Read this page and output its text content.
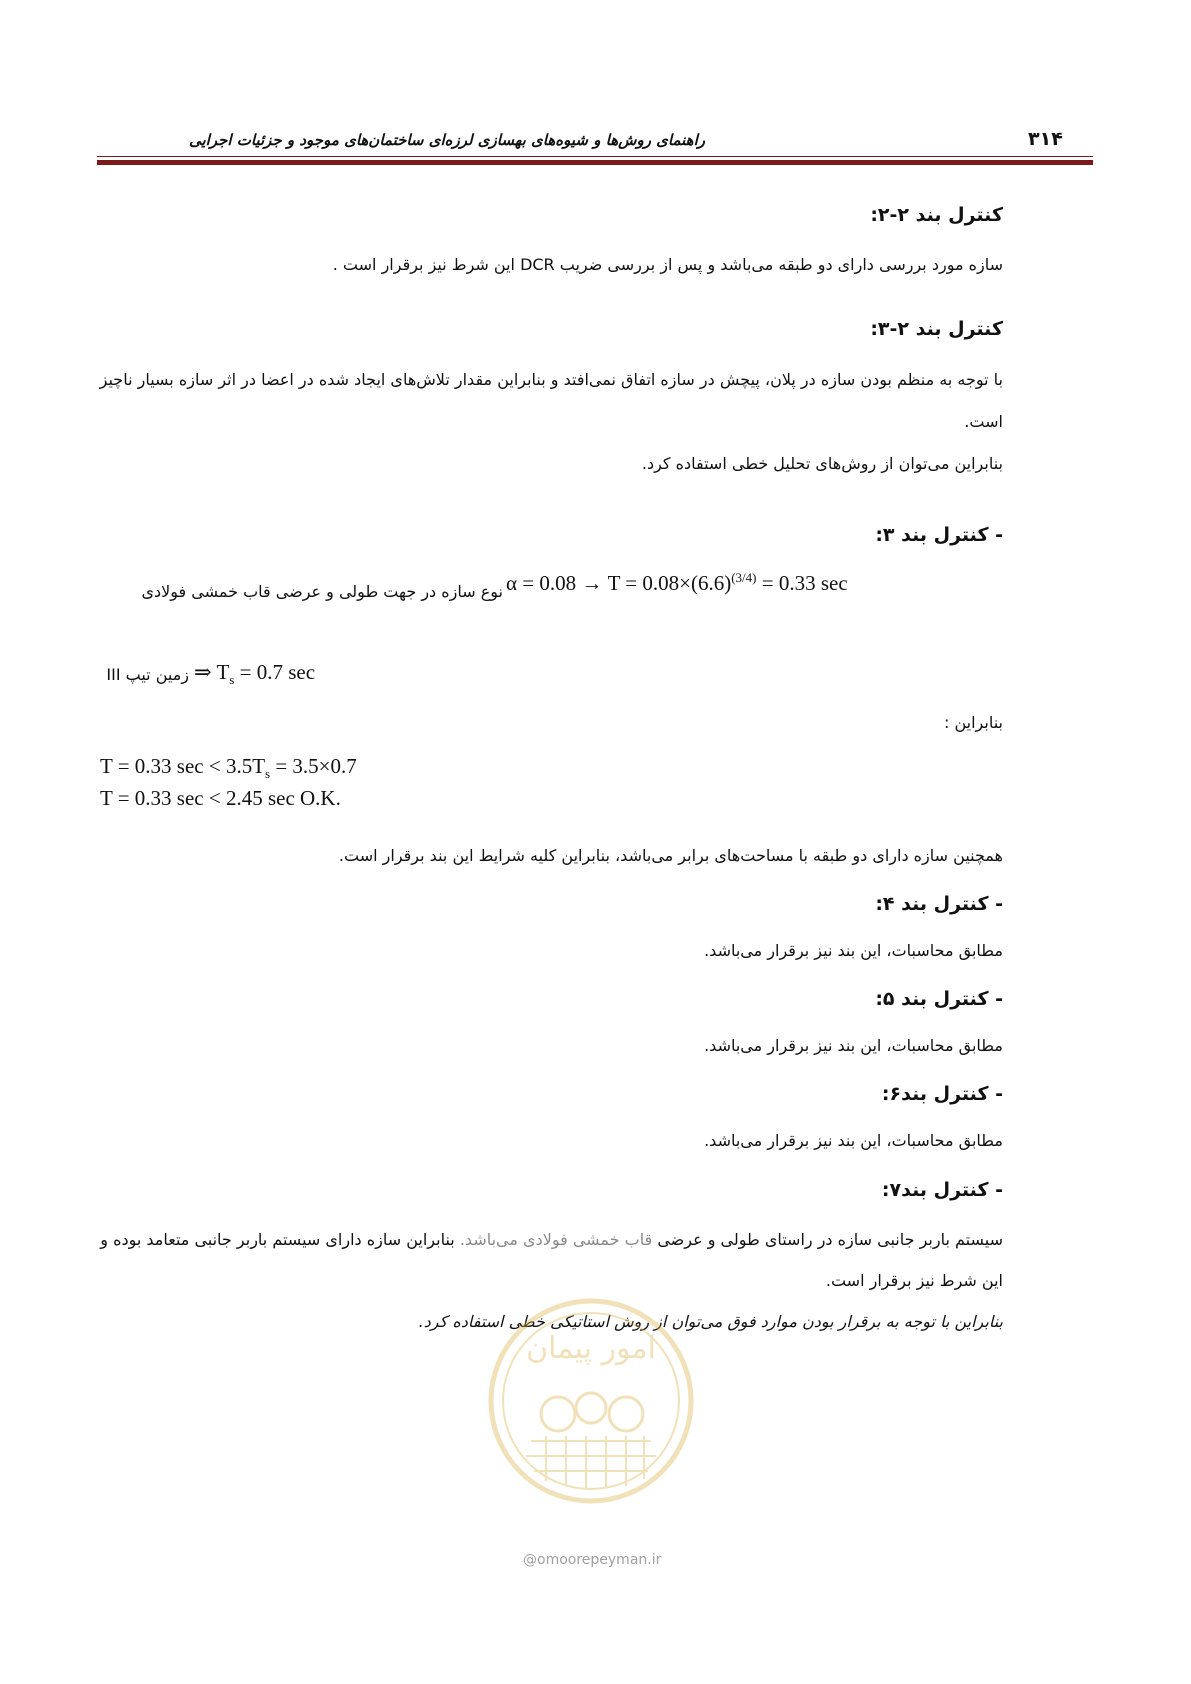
راهنمای روش‌ها و شیوه‌های بهسازی لرزه‌ای ساختمان‌های موجود و جزئیات اجرایی	۳۱۴
کنترل بند ۲-۲:
سازه مورد بررسی دارای دو طبقه می‌باشد و پس از بررسی ضریب DCR این شرط نیز برقرار است .
کنترل بند ۲-۳:
با توجه به منظم بودن سازه در پلان، پیچش در سازه اتفاق نمی‌افتد و بنابراین مقدار تلاش‌های ایجاد شده در اعضا در اثر سازه بسیار ناچیز
است.
بنابراین می‌توان از روش‌های تحلیل خطی استفاده کرد.
- کنترل بند ۳:
نوع سازه در جهت طولی و عرضی قاب خمشی فولادی $\alpha = 0.08 \to T = 0.08\times(6.6)^{(3/4)} = 0.33$ sec
زمین تیپ III ⇒ $T_s = 0.7$ sec
بنابراین :
T = 0.33 $\sec < 3.5T_s = 3.5\times 0.7$
T = 0.33 sec < 2.45 sec O.K.
همچنین سازه دارای دو طبقه با مساحت‌های برابر می‌باشد، بنابراین کلیه شرایط این بند برقرار است.
- کنترل بند ۴:
مطابق محاسبات، این بند نیز برقرار می‌باشد.
- کنترل بند ۵:
مطابق محاسبات، این بند نیز برقرار می‌باشد.
- کنترل بند۶:
مطابق محاسبات، این بند نیز برقرار می‌باشد.
- کنترل بند۷:
سیستم باربر جانبی سازه در راستای طولی و عرضی قاب خمشی فولادی می‌باشد. بنابراین سازه دارای سیستم باربر جانبی متعامد بوده و
این شرط نیز برقرار است.
بنابراین با توجه به برقرار بودن موارد فوق می‌توان از روش استاتیکی خطی استفاده کرد.
امور پیمان
@omoorepeyman.ir
